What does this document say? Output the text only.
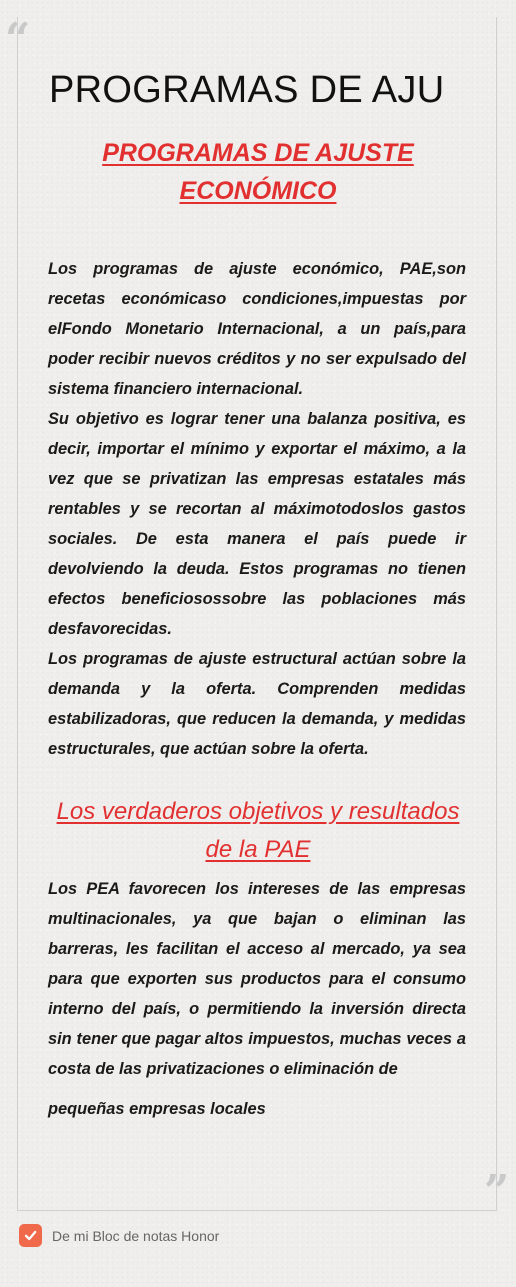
“
PROGRAMAS DE AJU
PROGRAMAS DE AJUSTE
ECONÓMICO

Los programas de ajuste económico, PAE,son recetas económicaso condiciones,impuestas por elFondo Monetario Internacional, a un país,para poder recibir nuevos créditos y no ser expulsado del sistema financiero internacional.

Su objetivo es lograr tener una balanza positiva, es decir, importar el mínimo y exportar el máximo, a la vez que se privatizan las empresas estatales más rentables y se recortan al máximotodoslos gastos sociales. De esta manera el país puede ir devolviendo la deuda. Estos programas no tienen efectos beneficiosossobre las poblaciones más desfavorecidas.

Los programas de ajuste estructural actúan sobre la demanda y la oferta. Comprenden medidas estabilizadoras, que reducen la demanda, y medidas estructurales, que actúan sobre la oferta.

Los verdaderos objetivos y resultados de la PAE

Los PEA favorecen los intereses de las empresas multinacionales, ya que bajan o eliminan las barreras, les facilitan el acceso al mercado, ya sea para que exporten sus productos para el consumo interno del país, o permitiendo la inversión directa sin tener que pagar altos impuestos, muchas veces a costa de las privatizaciones o eliminación de

pequeñas empresas locales

”
De mi Bloc de notas Honor
